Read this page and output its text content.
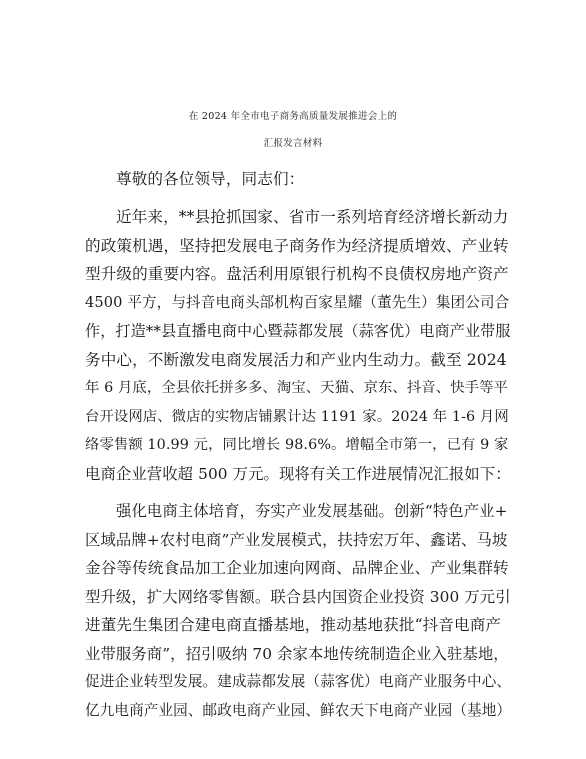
在 2024 年全市电子商务高质量发展推进会上的
汇报发言材料
尊敬的各位领导，同志们：
近年来，**县抢抓国家、省市一系列培育经济增长新动力
的政策机遇，坚持把发展电子商务作为经济提质增效、产业转
型升级的重要内容。盘活利用原银行机构不良债权房地产资产
4500 平方，与抖音电商头部机构百家星耀（董先生）集团公司合
作，打造**县直播电商中心暨蒜都发展（蒜客优）电商产业带服
务中心，不断激发电商发展活力和产业内生动力。截至 2024
年 6 月底，全县依托拼多多、淘宝、天猫、京东、抖音、快手等平
台开设网店、微店的实物店铺累计达 1191 家。2024 年 1-6 月网
络零售额 10.99 元，同比增长 98.6%。增幅全市第一，已有 9 家
电商企业营收超 500 万元。现将有关工作进展情况汇报如下：
强化电商主体培育，夯实产业发展基础。创新“特色产业+
区域品牌+农村电商”产业发展模式，扶持宏万年、鑫诺、马坡
金谷等传统食品加工企业加速向网商、品牌企业、产业集群转
型升级，扩大网络零售额。联合县内国资企业投资 300 万元引
进董先生集团合建电商直播基地，推动基地获批“抖音电商产
业带服务商”，招引吸纳 70 余家本地传统制造企业入驻基地，
促进企业转型发展。建成蒜都发展（蒜客优）电商产业服务中心、
亿九电商产业园、邮政电商产业园、鲜农天下电商产业园（基地）
